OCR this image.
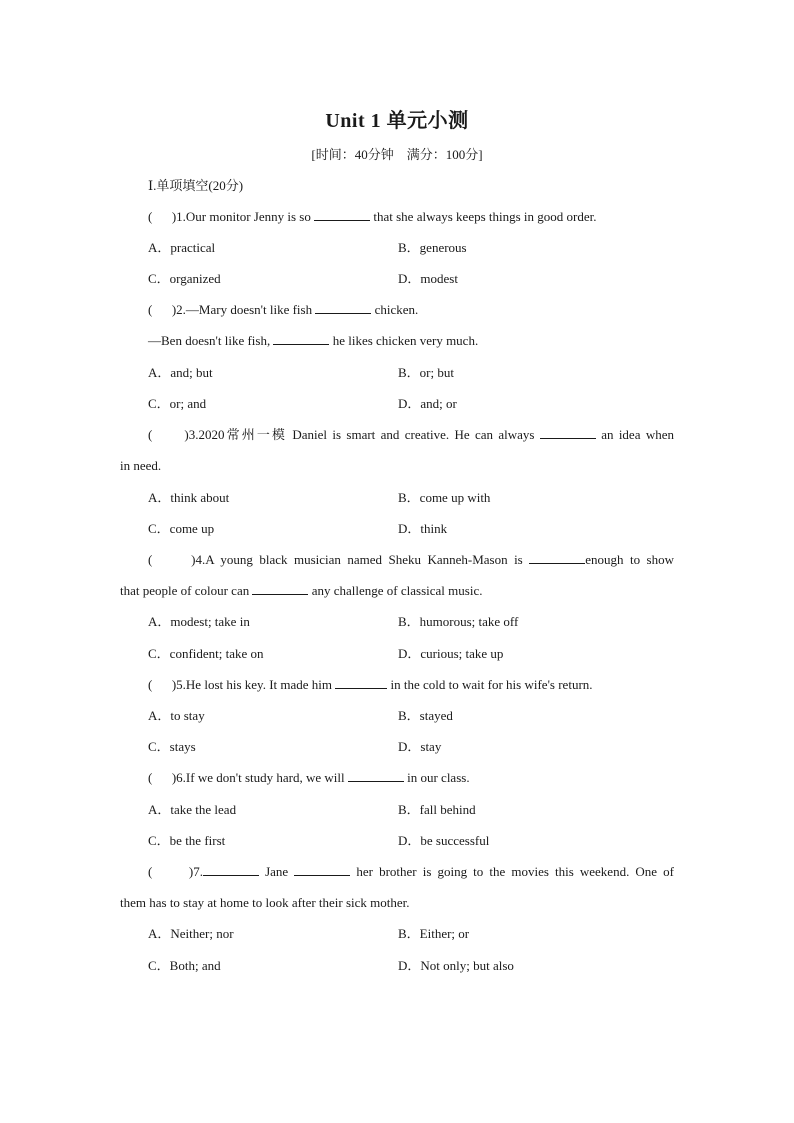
Unit 1 单元小测
[时间：40分钟　满分：100分]
Ⅰ.单项填空(20分)
(      )1.Our monitor Jenny is so	that she always keeps things in good order.
A．practical	B．generous
C．organized	D．modest
(      )2.—Mary doesn't like fish	chicken.
—Ben doesn't like fish,	he likes chicken very much.
A．and; but	B．or; but
C．or; and	D．and; or
(      )3.2020常州一模 Daniel is smart and creative. He can always	an idea when
in need.
A．think about	B．come up with
C．come up	D．think
(      )4.A young black musician named Sheku Kanneh-Mason is	enough to show
that people of colour can	any challenge of classical music.
A．modest; take in	B．humorous; take off
C．confident; take on	D．curious; take up
(      )5.He lost his key. It made him	in the cold to wait for his wife's return.
A．to stay	B．stayed
C．stays	D．stay
(      )6.If we don't study hard, we will	in our class.
A．take the lead	B．fall behind
C．be the first	D．be successful
(      )7.	Jane	her brother is going to the movies this weekend. One of
them has to stay at home to look after their sick mother.
A．Neither; nor	B．Either; or
C．Both; and	D．Not only; but also
